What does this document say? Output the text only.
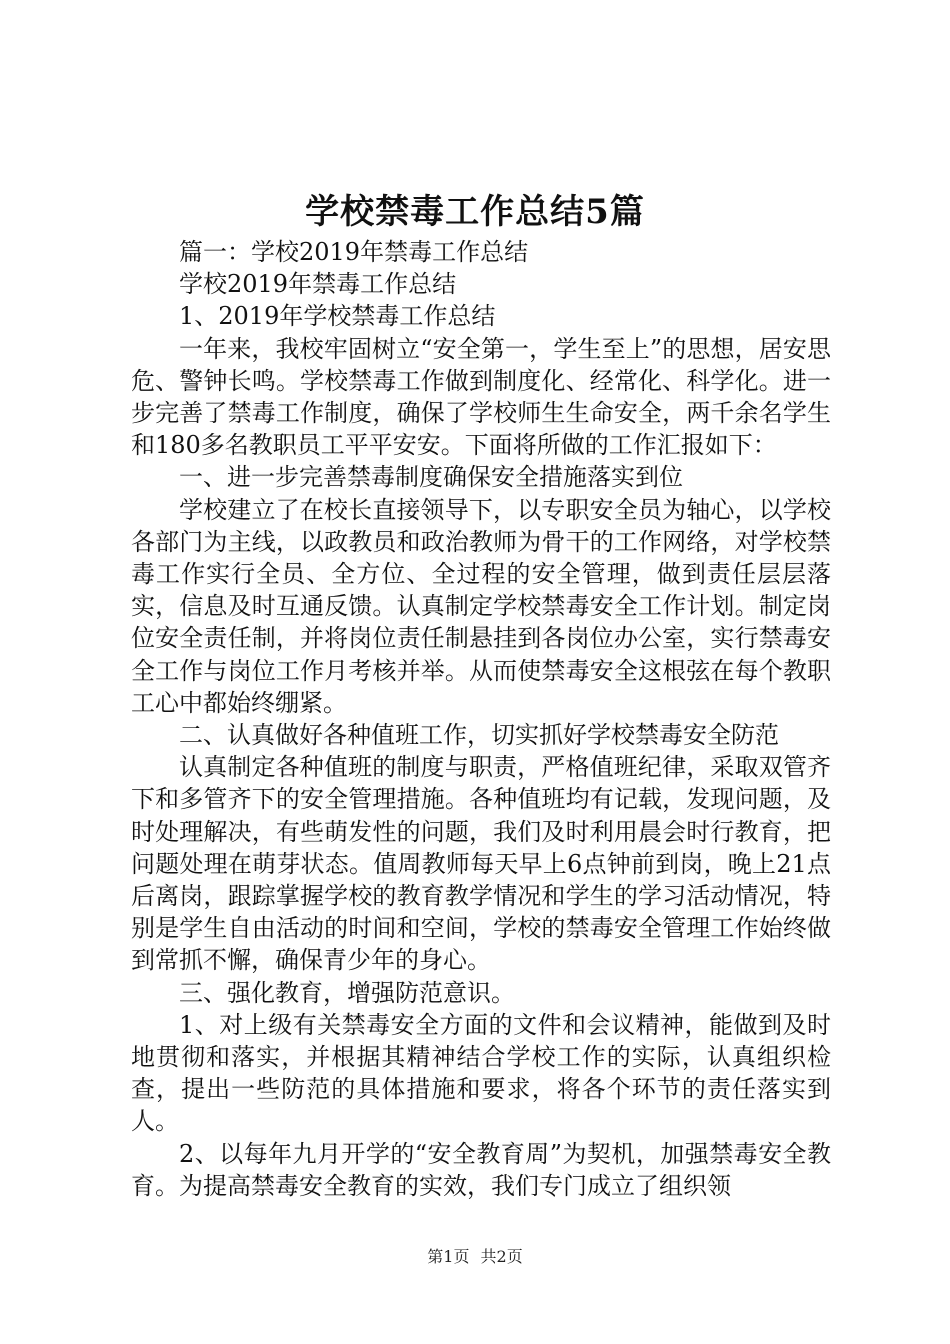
学校禁毒工作总结5篇

篇一：学校2019年禁毒工作总结

学校2019年禁毒工作总结

1、2019年学校禁毒工作总结

一年来，我校牢固树立“安全第一，学生至上”的思想，居安思危、警钟长鸣。学校禁毒工作做到制度化、经常化、科学化。进一步完善了禁毒工作制度，确保了学校师生生命安全，两千余名学生和180多名教职员工平平安安。下面将所做的工作汇报如下：

一、进一步完善禁毒制度确保安全措施落实到位

学校建立了在校长直接领导下，以专职安全员为轴心，以学校各部门为主线，以政教员和政治教师为骨干的工作网络，对学校禁毒工作实行全员、全方位、全过程的安全管理，做到责任层层落实，信息及时互通反馈。认真制定学校禁毒安全工作计划。制定岗位安全责任制，并将岗位责任制悬挂到各岗位办公室，实行禁毒安全工作与岗位工作月考核并举。从而使禁毒安全这根弦在每个教职工心中都始终绷紧。

二、认真做好各种值班工作，切实抓好学校禁毒安全防范

认真制定各种值班的制度与职责，严格值班纪律，采取双管齐下和多管齐下的安全管理措施。各种值班均有记载，发现问题，及时处理解决，有些萌发性的问题，我们及时利用晨会时行教育，把问题处理在萌芽状态。值周教师每天早上6点钟前到岗，晚上21点后离岗，跟踪掌握学校的教育教学情况和学生的学习活动情况，特别是学生自由活动的时间和空间，学校的禁毒安全管理工作始终做到常抓不懈，确保青少年的身心。

三、强化教育，增强防范意识。

1、对上级有关禁毒安全方面的文件和会议精神，能做到及时地贯彻和落实，并根据其精神结合学校工作的实际，认真组织检查，提出一些防范的具体措施和要求，将各个环节的责任落实到人。

2、以每年九月开学的“安全教育周”为契机，加强禁毒安全教育。为提高禁毒安全教育的实效，我们专门成立了组织领

第1页 共2页
